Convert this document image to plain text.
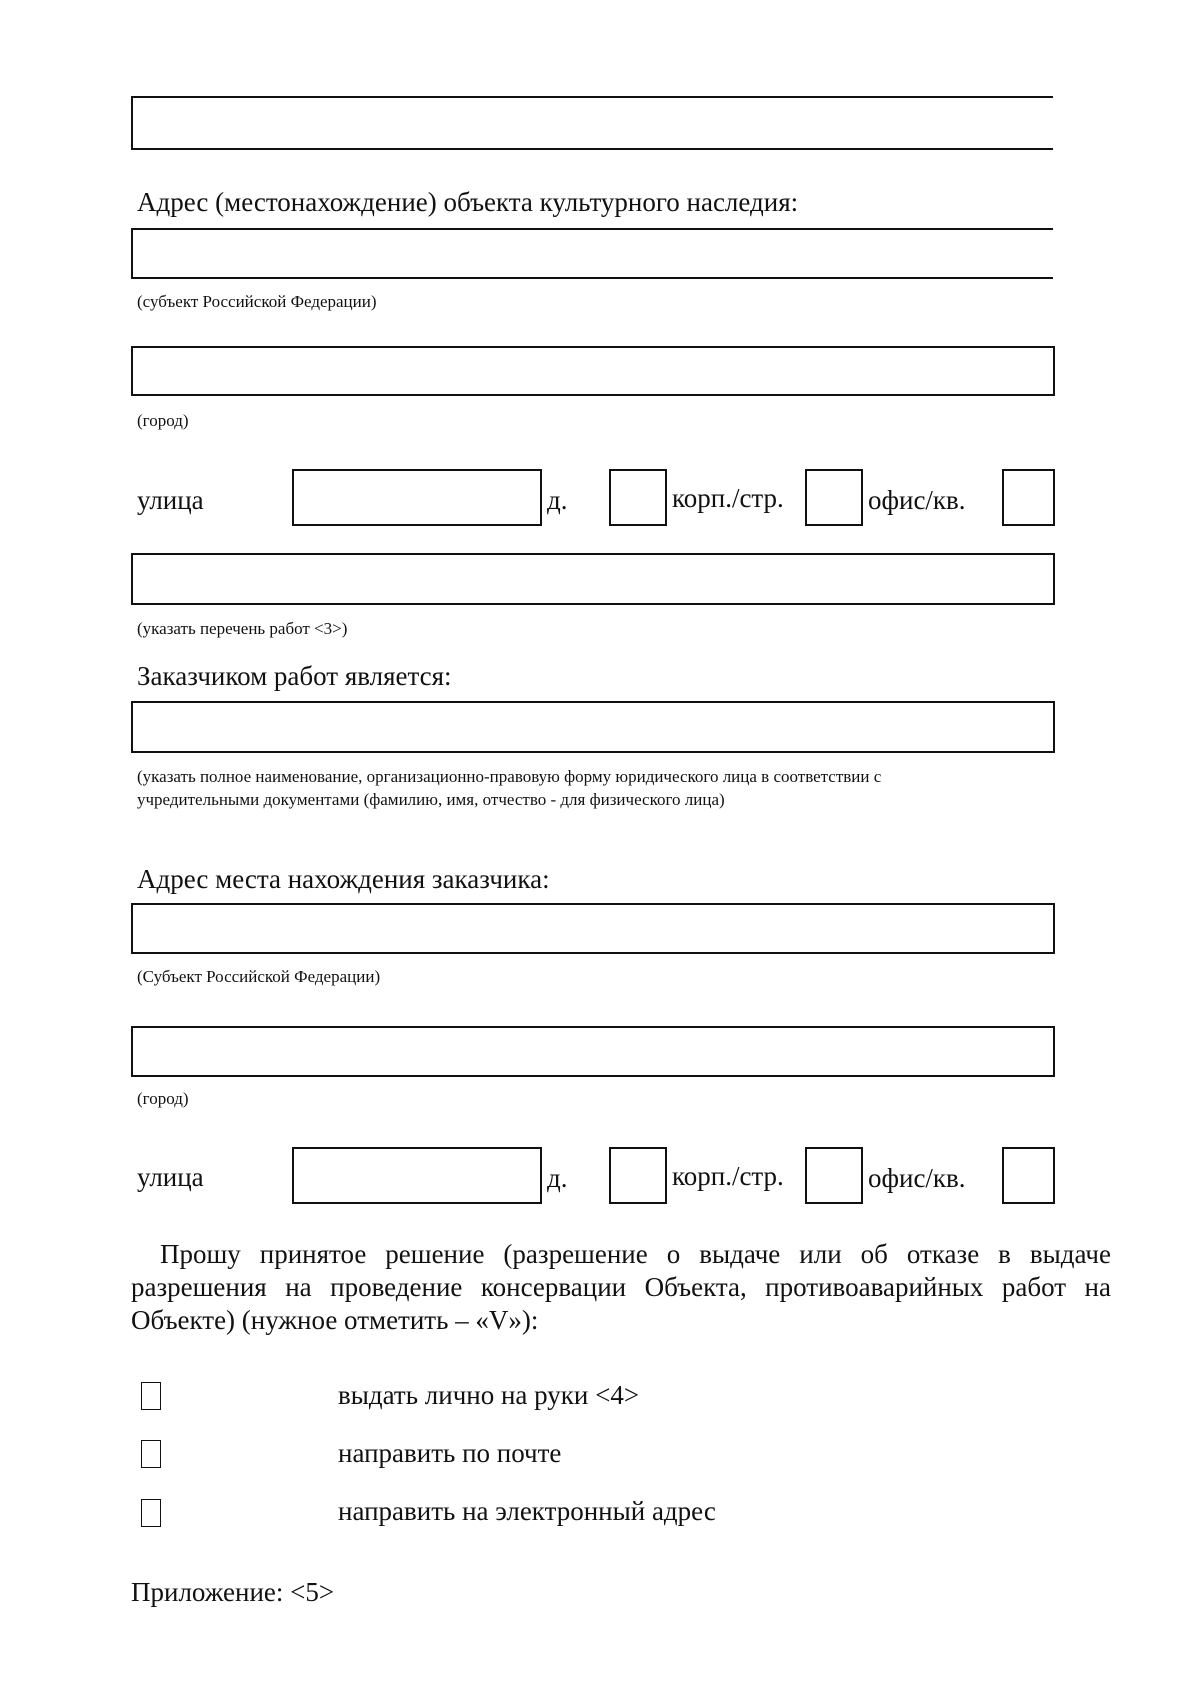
Адрес (местонахождение) объекта культурного наследия:
(субъект Российской Федерации)
(город)
улица	д.	корп./стр.	офис/кв.
(указать перечень работ <3>)
Заказчиком работ является:
(указать полное наименование, организационно-правовую форму юридического лица в соответствии с
учредительными документами (фамилию, имя, отчество - для физического лица)
Адрес места нахождения заказчика:
(Субъект Российской Федерации)
(город)
улица	д.	корп./стр.	офис/кв.
Прошу принятое решение (разрешение о выдаче или об отказе в выдаче
разрешения на проведение консервации Объекта, противоаварийных работ на
Объекте) (нужное отметить – «V»):
выдать лично на руки <4>
направить по почте
направить на электронный адрес
Приложение: <5>
